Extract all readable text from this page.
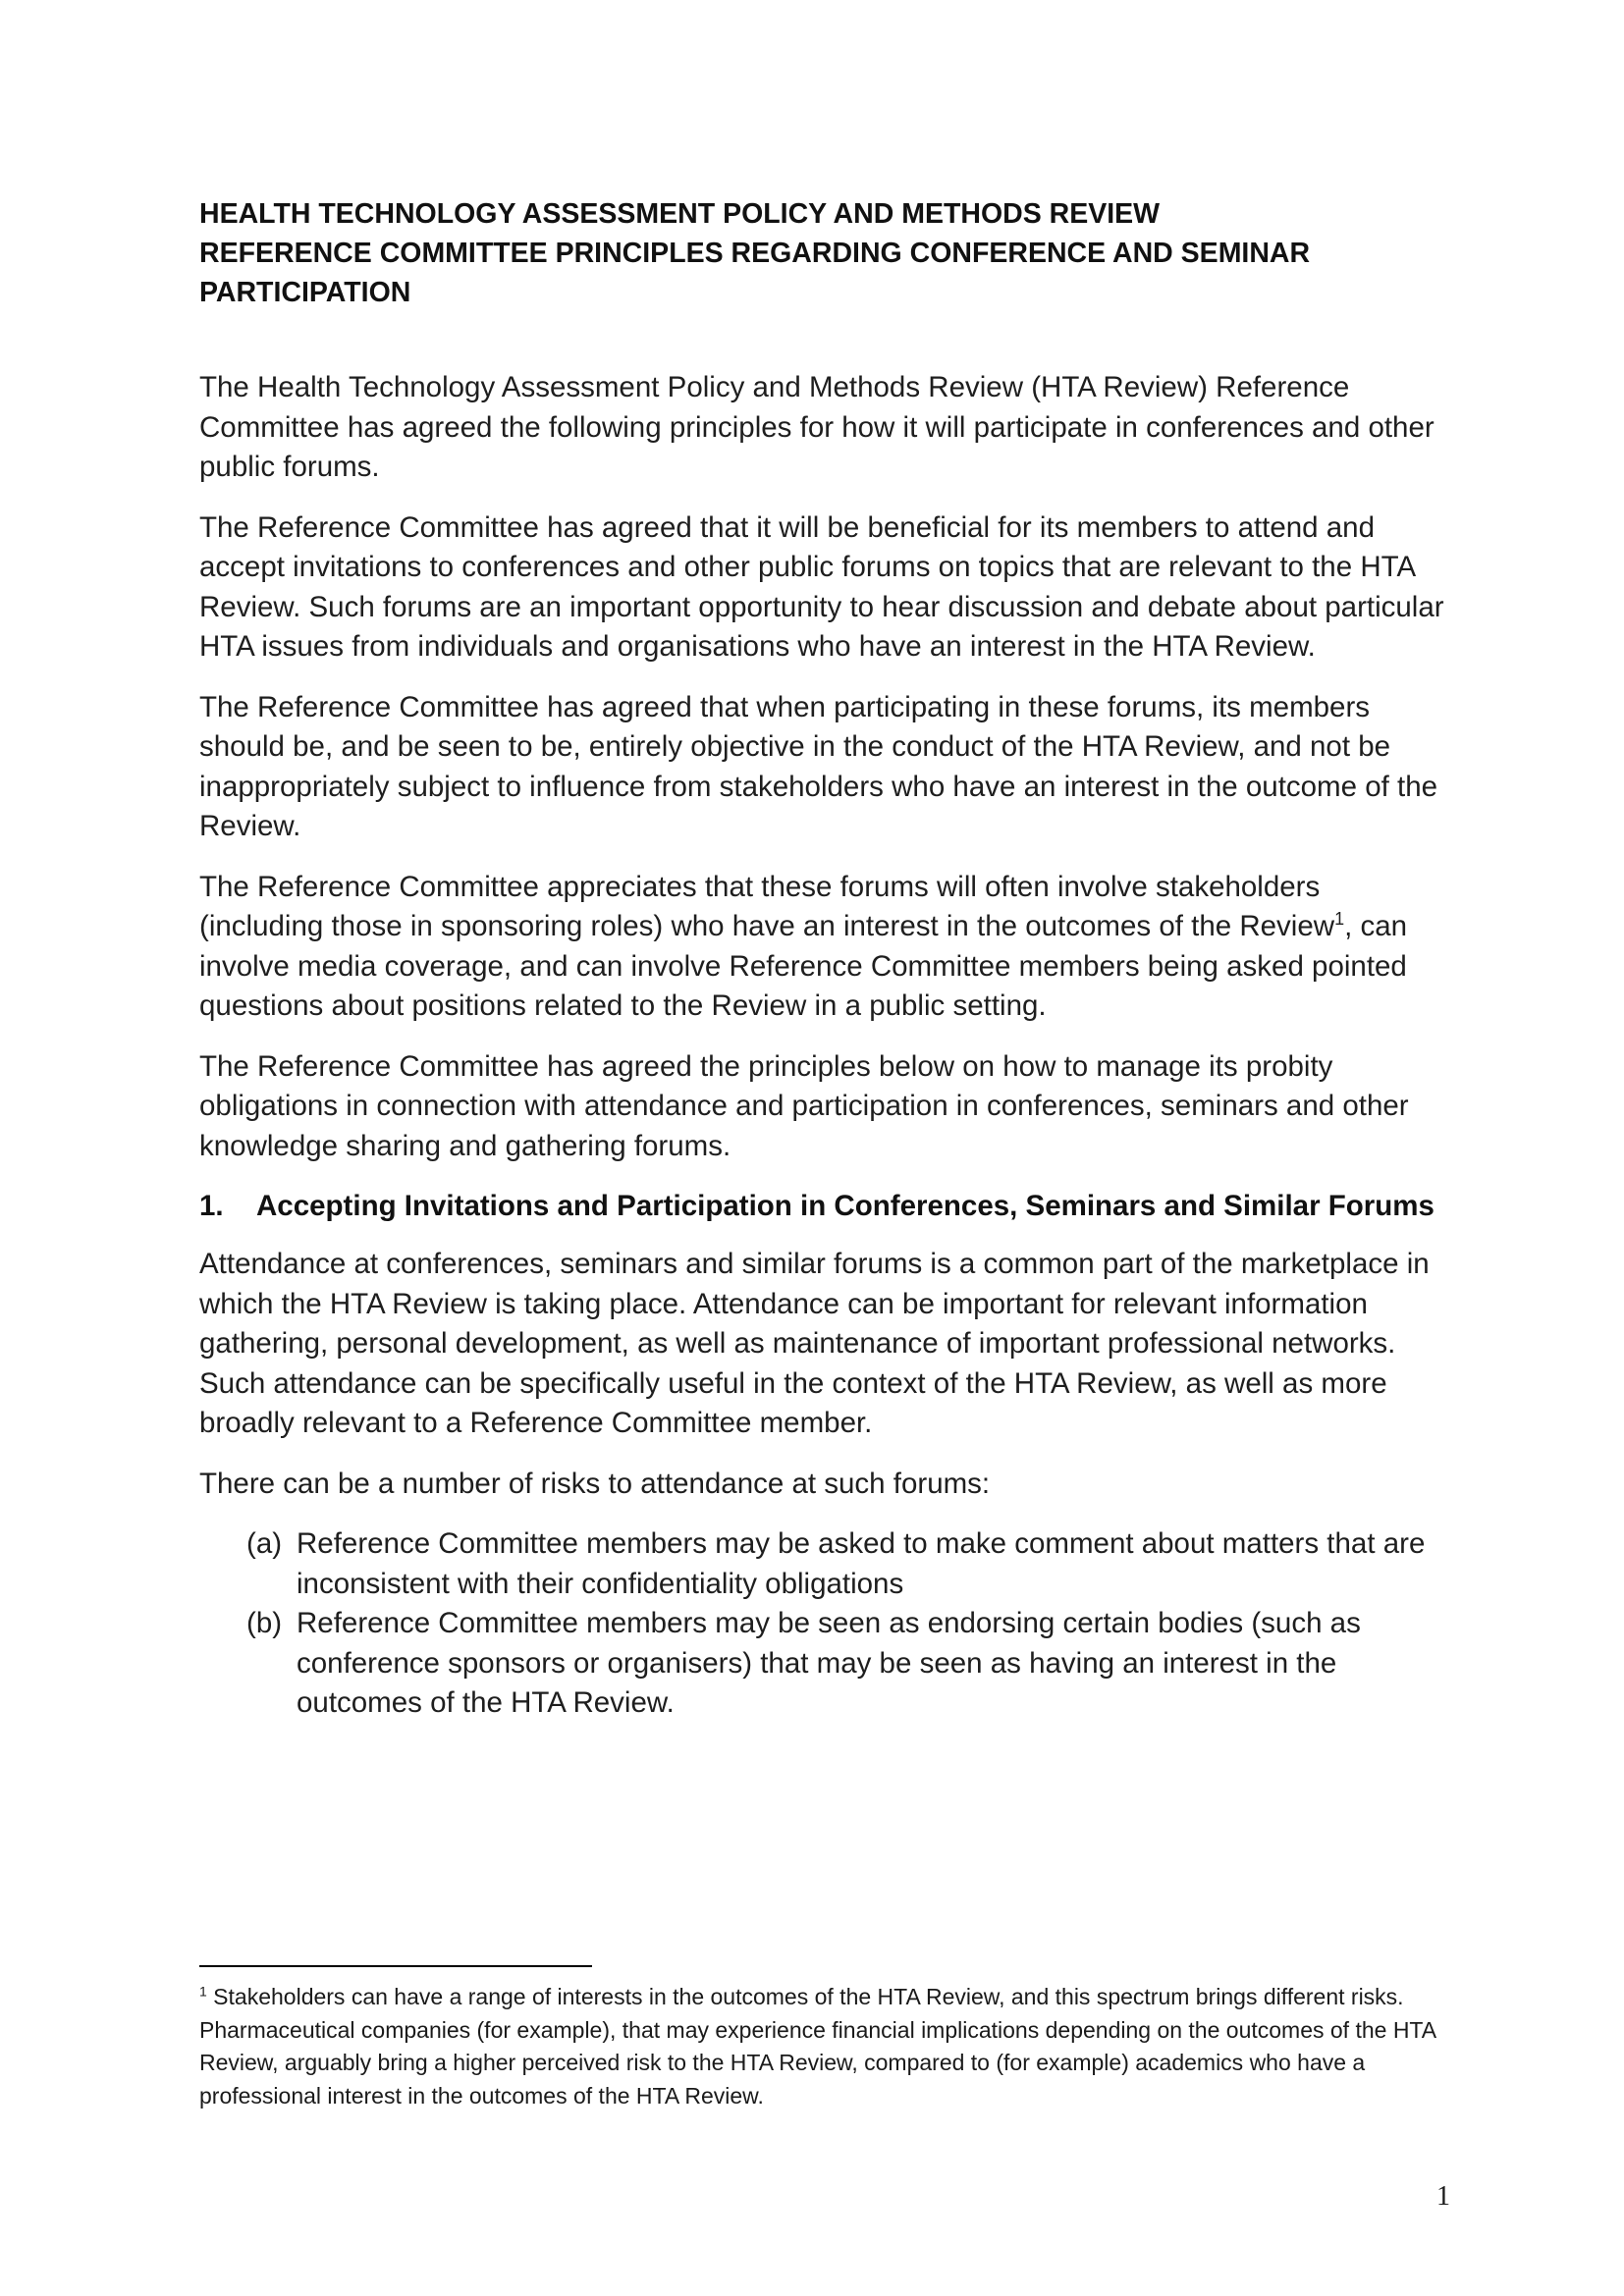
HEALTH TECHNOLOGY ASSESSMENT POLICY AND METHODS REVIEW
REFERENCE COMMITTEE PRINCIPLES REGARDING CONFERENCE AND SEMINAR
PARTICIPATION

The Health Technology Assessment Policy and Methods Review (HTA Review) Reference Committee has agreed the following principles for how it will participate in conferences and other public forums.

The Reference Committee has agreed that it will be beneficial for its members to attend and accept invitations to conferences and other public forums on topics that are relevant to the HTA Review. Such forums are an important opportunity to hear discussion and debate about particular HTA issues from individuals and organisations who have an interest in the HTA Review.

The Reference Committee has agreed that when participating in these forums, its members should be, and be seen to be, entirely objective in the conduct of the HTA Review, and not be inappropriately subject to influence from stakeholders who have an interest in the outcome of the Review.

The Reference Committee appreciates that these forums will often involve stakeholders (including those in sponsoring roles) who have an interest in the outcomes of the Review$^1$, can involve media coverage, and can involve Reference Committee members being asked pointed questions about positions related to the Review in a public setting.

The Reference Committee has agreed the principles below on how to manage its probity obligations in connection with attendance and participation in conferences, seminars and other knowledge sharing and gathering forums.

1.	Accepting Invitations and Participation in Conferences, Seminars and Similar Forums

Attendance at conferences, seminars and similar forums is a common part of the marketplace in which the HTA Review is taking place. Attendance can be important for relevant information gathering, personal development, as well as maintenance of important professional networks. Such attendance can be specifically useful in the context of the HTA Review, as well as more broadly relevant to a Reference Committee member.

There can be a number of risks to attendance at such forums:

(a) Reference Committee members may be asked to make comment about matters that are inconsistent with their confidentiality obligations
(b) Reference Committee members may be seen as endorsing certain bodies (such as conference sponsors or organisers) that may be seen as having an interest in the outcomes of the HTA Review.
$^1$ Stakeholders can have a range of interests in the outcomes of the HTA Review, and this spectrum brings different risks. Pharmaceutical companies (for example), that may experience financial implications depending on the outcomes of the HTA Review, arguably bring a higher perceived risk to the HTA Review, compared to (for example) academics who have a professional interest in the outcomes of the HTA Review.
1
